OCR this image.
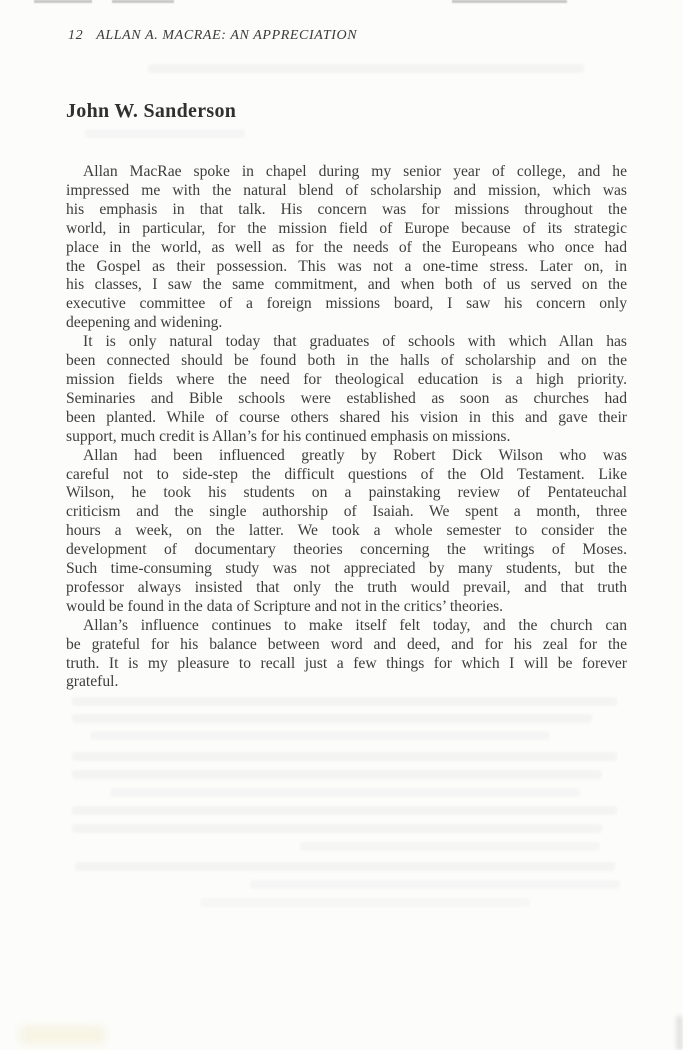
12 ALLAN A. MACRAE: AN APPRECIATION
John W. Sanderson

Allan MacRae spoke in chapel during my senior year of college, and he
impressed me with the natural blend of scholarship and mission, which was
his emphasis in that talk. His concern was for missions throughout the
world, in particular, for the mission field of Europe because of its strategic
place in the world, as well as for the needs of the Europeans who once had
the Gospel as their possession. This was not a one-time stress. Later on, in
his classes, I saw the same commitment, and when both of us served on the
executive committee of a foreign missions board, I saw his concern only
deepening and widening.

It is only natural today that graduates of schools with which Allan has
been connected should be found both in the halls of scholarship and on the
mission fields where the need for theological education is a high priority.
Seminaries and Bible schools were established as soon as churches had
been planted. While of course others shared his vision in this and gave their
support, much credit is Allan’s for his continued emphasis on missions.

Allan had been influenced greatly by Robert Dick Wilson who was
careful not to side-step the difficult questions of the Old Testament. Like
Wilson, he took his students on a painstaking review of Pentateuchal
criticism and the single authorship of Isaiah. We spent a month, three
hours a week, on the latter. We took a whole semester to consider the
development of documentary theories concerning the writings of Moses.
Such time-consuming study was not appreciated by many students, but the
professor always insisted that only the truth would prevail, and that truth
would be found in the data of Scripture and not in the critics’ theories.

Allan’s influence continues to make itself felt today, and the church can
be grateful for his balance between word and deed, and for his zeal for the
truth. It is my pleasure to recall just a few things for which I will be forever
grateful.
